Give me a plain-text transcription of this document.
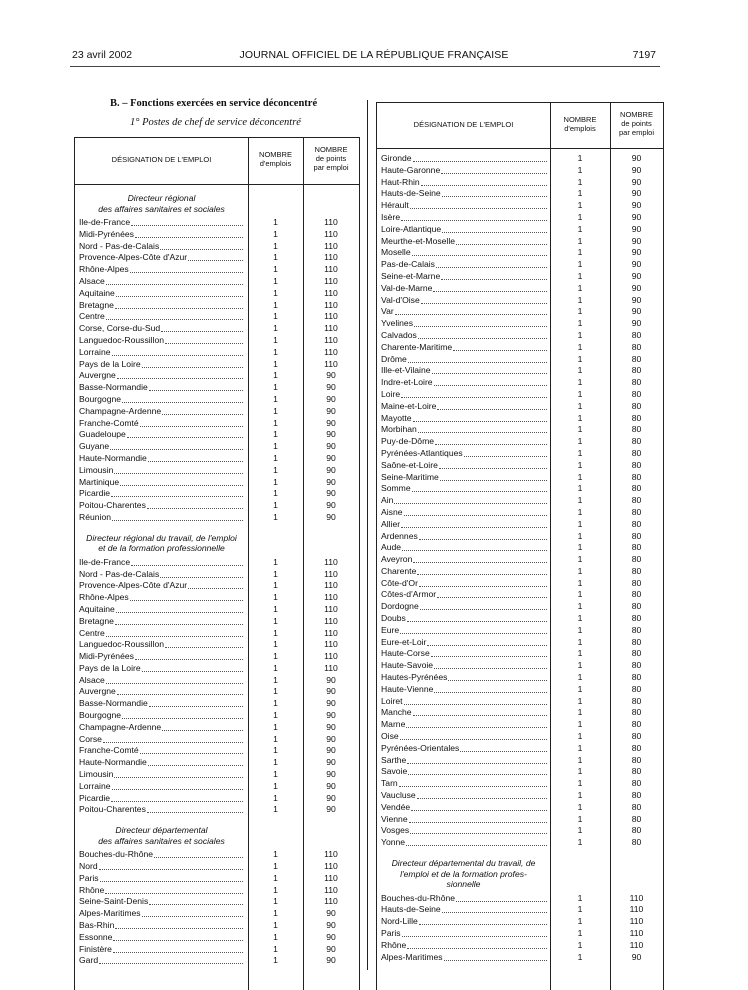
23 avril 2002	JOURNAL OFFICIEL DE LA RÉPUBLIQUE FRANÇAISE	7197
B. – Fonctions exercées en service déconcentré
1° Postes de chef de service déconcentré
DÉSIGNATION DE L'EMPLOI
NOMBRE
d'emplois
NOMBRE
de points
par emploi
Directeur régional
des affaires sanitaires et sociales
Ile-de-France	1	110
Midi-Pyrénées	1	110
Nord - Pas-de-Calais	1	110
Provence-Alpes-Côte d'Azur	1	110
Rhône-Alpes	1	110
Alsace	1	110
Aquitaine	1	110
Bretagne	1	110
Centre	1	110
Corse, Corse-du-Sud	1	110
Languedoc-Roussillon	1	110
Lorraine	1	110
Pays de la Loire	1	110
Auvergne	1	90
Basse-Normandie	1	90
Bourgogne	1	90
Champagne-Ardenne	1	90
Franche-Comté	1	90
Guadeloupe	1	90
Guyane	1	90
Haute-Normandie	1	90
Limousin	1	90
Martinique	1	90
Picardie	1	90
Poitou-Charentes	1	90
Réunion	1	90
Directeur régional du travail, de l'emploi
et de la formation professionnelle
Ile-de-France	1	110
Nord - Pas-de-Calais	1	110
Provence-Alpes-Côte d'Azur	1	110
Rhône-Alpes	1	110
Aquitaine	1	110
Bretagne	1	110
Centre	1	110
Languedoc-Roussillon	1	110
Midi-Pyrénées	1	110
Pays de la Loire	1	110
Alsace	1	90
Auvergne	1	90
Basse-Normandie	1	90
Bourgogne	1	90
Champagne-Ardenne	1	90
Corse	1	90
Franche-Comté	1	90
Haute-Normandie	1	90
Limousin	1	90
Lorraine	1	90
Picardie	1	90
Poitou-Charentes	1	90
Directeur départemental
des affaires sanitaires et sociales
Bouches-du-Rhône	1	110
Nord	1	110
Paris	1	110
Rhône	1	110
Seine-Saint-Denis	1	110
Alpes-Maritimes	1	90
Bas-Rhin	1	90
Essonne	1	90
Finistère	1	90
Gard	1	90
DÉSIGNATION DE L'EMPLOI
NOMBRE
d'emplois
NOMBRE
de points
par emploi
Gironde	1	90
Haute-Garonne	1	90
Haut-Rhin	1	90
Hauts-de-Seine	1	90
Hérault	1	90
Isère	1	90
Loire-Atlantique	1	90
Meurthe-et-Moselle	1	90
Moselle	1	90
Pas-de-Calais	1	90
Seine-et-Marne	1	90
Val-de-Marne	1	90
Val-d'Oise	1	90
Var	1	90
Yvelines	1	90
Calvados	1	80
Charente-Maritime	1	80
Drôme	1	80
Ille-et-Vilaine	1	80
Indre-et-Loire	1	80
Loire	1	80
Maine-et-Loire	1	80
Mayotte	1	80
Morbihan	1	80
Puy-de-Dôme	1	80
Pyrénées-Atlantiques	1	80
Saône-et-Loire	1	80
Seine-Maritime	1	80
Somme	1	80
Ain	1	80
Aisne	1	80
Allier	1	80
Ardennes	1	80
Aude	1	80
Aveyron	1	80
Charente	1	80
Côte-d'Or	1	80
Côtes-d'Armor	1	80
Dordogne	1	80
Doubs	1	80
Eure	1	80
Eure-et-Loir	1	80
Haute-Corse	1	80
Haute-Savoie	1	80
Hautes-Pyrénées	1	80
Haute-Vienne	1	80
Loiret	1	80
Manche	1	80
Marne	1	80
Oise	1	80
Pyrénées-Orientales	1	80
Sarthe	1	80
Savoie	1	80
Tarn	1	80
Vaucluse	1	80
Vendée	1	80
Vienne	1	80
Vosges	1	80
Yonne	1	80
Directeur départemental du travail, de
l'emploi et de la formation profes-
sionnelle
Bouches-du-Rhône	1	110
Hauts-de-Seine	1	110
Nord-Lille	1	110
Paris	1	110
Rhône	1	110
Alpes-Maritimes	1	90
